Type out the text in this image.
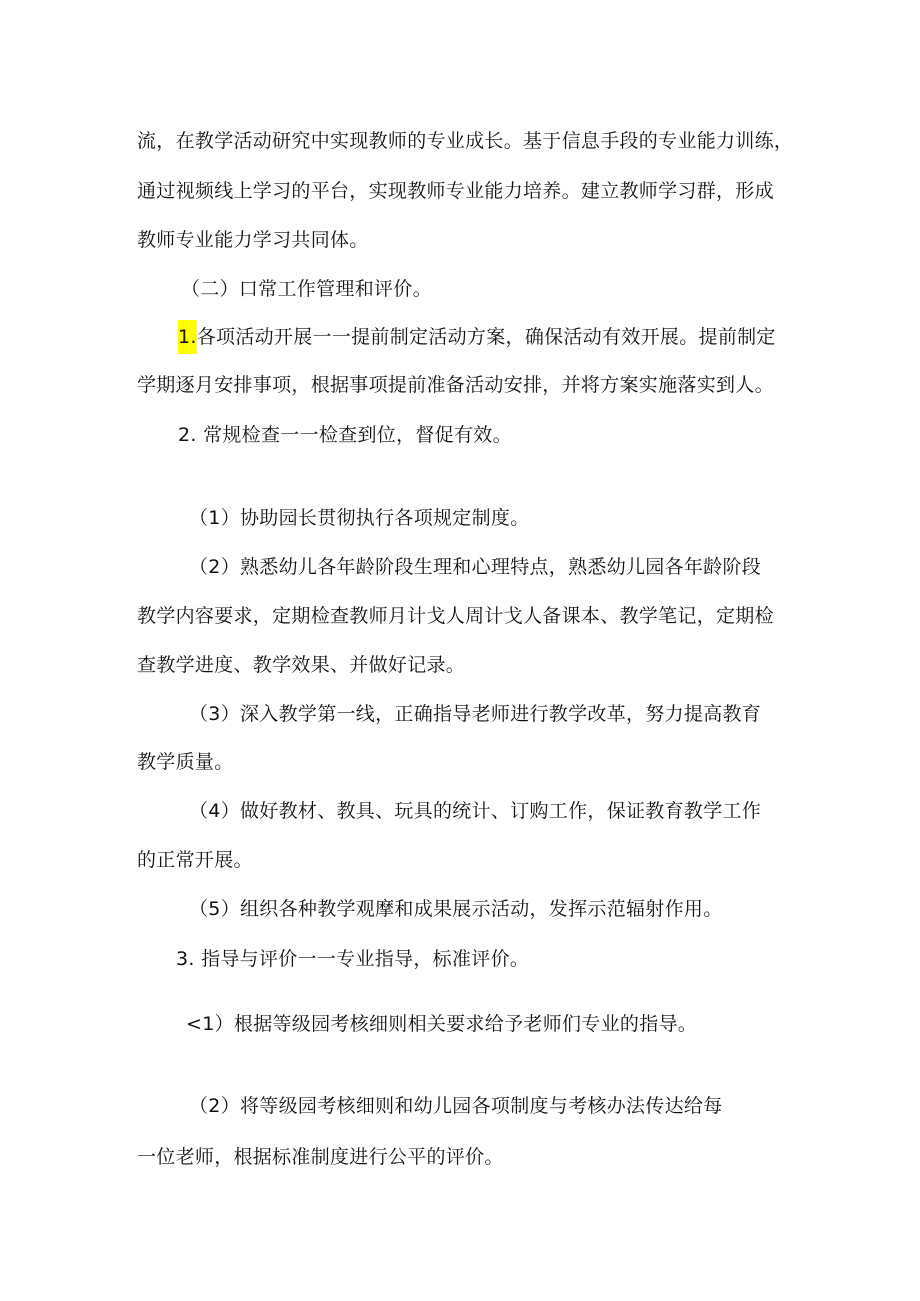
流，在教学活动研究中实现教师的专业成长。基于信息手段的专业能力训练，
通过视频线上学习的平台，实现教师专业能力培养。建立教师学习群，形成
教师专业能力学习共同体。
（二）口常工作管理和评价。
1.各项活动开展一一提前制定活动方案，确保活动有效开展。提前制定
学期逐月安排事项，根据事项提前准备活动安排，并将方案实施落实到人。
2. 常规检查一一检查到位，督促有效。
（1）协助园长贯彻执行各项规定制度。
（2）熟悉幼儿各年龄阶段生理和心理特点，熟悉幼儿园各年龄阶段
教学内容要求，定期检查教师月计戈人周计戈人备课本、教学笔记，定期检
查教学进度、教学效果、并做好记录。
（3）深入教学第一线，正确指导老师进行教学改革，努力提高教育
教学质量。
（4）做好教材、教具、玩具的统计、订购工作，保证教育教学工作
的正常开展。
（5）组织各种教学观摩和成果展示活动，发挥示范辐射作用。
3. 指导与评价一一专业指导，标准评价。
<1）根据等级园考核细则相关要求给予老师们专业的指导。
（2）将等级园考核细则和幼儿园各项制度与考核办法传达给每
一位老师，根据标准制度进行公平的评价。
